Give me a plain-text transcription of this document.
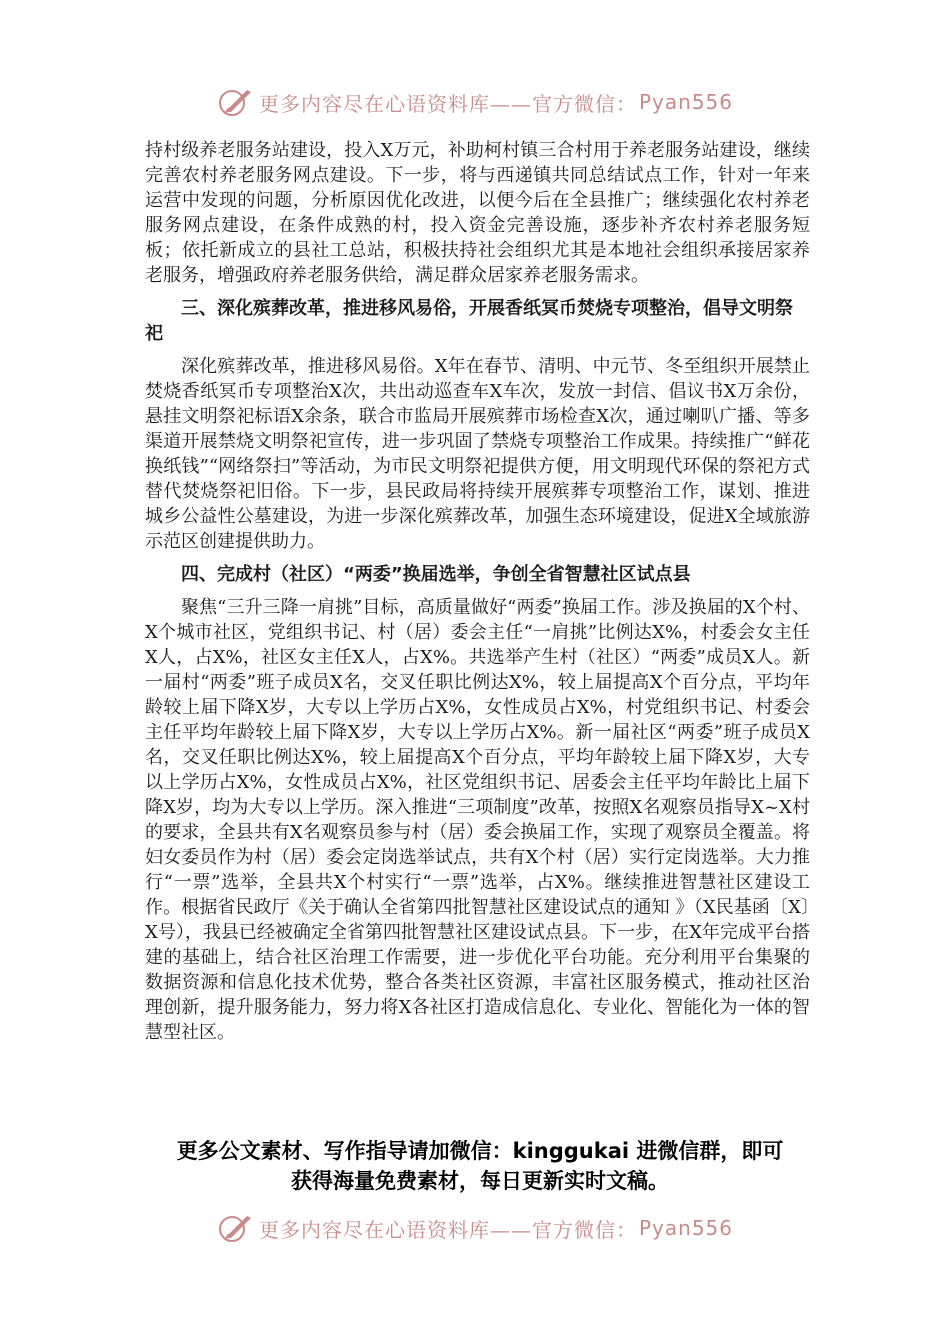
更多内容尽在心语资料库——官方微信： Pyan556

持村级养老服务站建设，投入X万元，补助柯村镇三合村用于养老服务站建设，继续完善农村养老服务网点建设。下一步，将与西递镇共同总结试点工作，针对一年来运营中发现的问题，分析原因优化改进，以便今后在全县推广；继续强化农村养老服务网点建设，在条件成熟的村，投入资金完善设施，逐步补齐农村养老服务短板；依托新成立的县社工总站，积极扶持社会组织尤其是本地社会组织承接居家养老服务，增强政府养老服务供给，满足群众居家养老服务需求。

三、深化殡葬改革，推进移风易俗，开展香纸冥币焚烧专项整治，倡导文明祭祀

深化殡葬改革，推进移风易俗。X年在春节、清明、中元节、冬至组织开展禁止焚烧香纸冥币专项整治X次，共出动巡查车X车次，发放一封信、倡议书X万余份，悬挂文明祭祀标语X余条，联合市监局开展殡葬市场检查X次，通过喇叭广播、等多渠道开展禁烧文明祭祀宣传，进一步巩固了禁烧专项整治工作成果。持续推广“鲜花换纸钱”“网络祭扫”等活动，为市民文明祭祀提供方便，用文明现代环保的祭祀方式替代焚烧祭祀旧俗。下一步，县民政局将持续开展殡葬专项整治工作，谋划、推进城乡公益性公墓建设，为进一步深化殡葬改革，加强生态环境建设，促进X全域旅游示范区创建提供助力。

四、完成村（社区）“两委”换届选举，争创全省智慧社区试点县

聚焦“三升三降一肩挑”目标，高质量做好“两委”换届工作。涉及换届的X个村、X个城市社区，党组织书记、村（居）委会主任“一肩挑”比例达X%，村委会女主任X人，占X%，社区女主任X人，占X%。共选举产生村（社区）“两委”成员X人。新一届村“两委”班子成员X名，交叉任职比例达X%，较上届提高X个百分点，平均年龄较上届下降X岁，大专以上学历占X%，女性成员占X%，村党组织书记、村委会主任平均年龄较上届下降X岁，大专以上学历占X%。新一届社区“两委”班子成员X名，交叉任职比例达X%，较上届提高X个百分点，平均年龄较上届下降X岁，大专以上学历占X%，女性成员占X%，社区党组织书记、居委会主任平均年龄比上届下降X岁，均为大专以上学历。深入推进“三项制度”改革，按照X名观察员指导X~X村的要求，全县共有X名观察员参与村（居）委会换届工作，实现了观察员全覆盖。将妇女委员作为村（居）委会定岗选举试点，共有X个村（居）实行定岗选举。大力推行“一票”选举，全县共X个村实行“一票”选举，占X%。继续推进智慧社区建设工作。根据省民政厅《关于确认全省第四批智慧社区建设试点的通知 》（X民基函〔X〕X号），我县已经被确定全省第四批智慧社区建设试点县。下一步，在X年完成平台搭建的基础上，结合社区治理工作需要，进一步优化平台功能。充分利用平台集聚的数据资源和信息化技术优势，整合各类社区资源，丰富社区服务模式，推动社区治理创新，提升服务能力，努力将X各社区打造成信息化、专业化、智能化为一体的智慧型社区。

更多公文素材、写作指导请加微信：kinggukai 进微信群，即可
获得海量免费素材，每日更新实时文稿。
更多内容尽在心语资料库——官方微信： Pyan556
